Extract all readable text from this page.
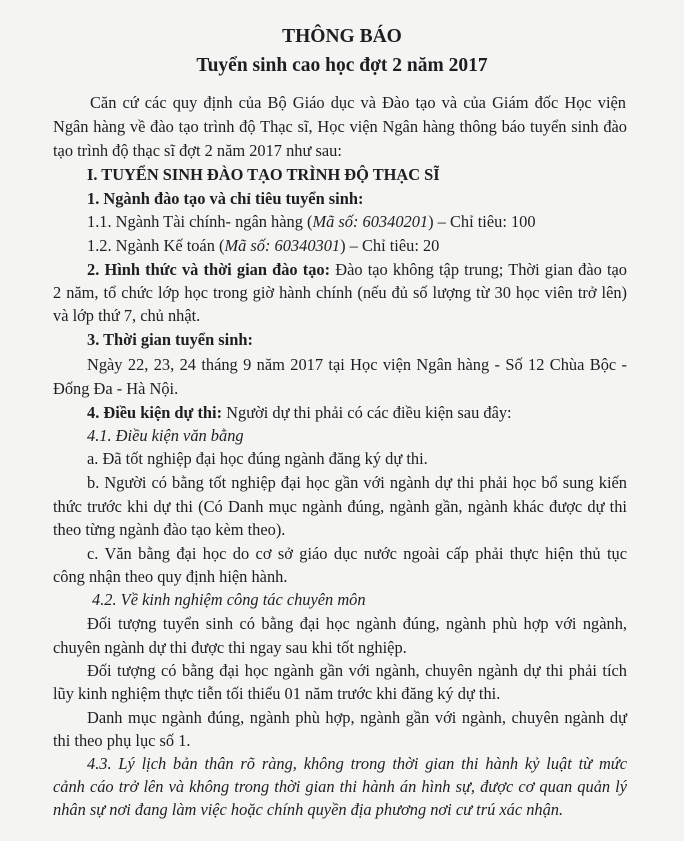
THÔNG BÁO
Tuyển sinh cao học đợt 2 năm 2017
Căn cứ các quy định của Bộ Giáo dục và Đào tạo và của Giám đốc Học viện
Ngân hàng về đào tạo trình độ Thạc sĩ, Học viện Ngân hàng thông báo tuyển sinh đào
tạo trình độ thạc sĩ đợt 2 năm 2017 như sau:
I. TUYỂN SINH ĐÀO TẠO TRÌNH ĐỘ THẠC SĨ
1. Ngành đào tạo và chỉ tiêu tuyển sinh:
1.1. Ngành Tài chính- ngân hàng (Mã số: 60340201) – Chỉ tiêu: 100
1.2. Ngành Kế toán (Mã số: 60340301) – Chỉ tiêu: 20
2. Hình thức và thời gian đào tạo: Đào tạo không tập trung; Thời gian đào tạo
2 năm, tổ chức lớp học trong giờ hành chính (nếu đủ số lượng từ 30 học viên trở lên)
và lớp thứ 7, chủ nhật.
3. Thời gian tuyển sinh:
Ngày 22, 23, 24 tháng 9 năm 2017 tại Học viện Ngân hàng - Số 12 Chùa Bộc -
Đống Đa - Hà Nội.
4. Điều kiện dự thi: Người dự thi phải có các điều kiện sau đây:
4.1. Điều kiện văn bằng
a. Đã tốt nghiệp đại học đúng ngành đăng ký dự thi.
b. Người có bằng tốt nghiệp đại học gần với ngành dự thi phải học bổ sung kiến
thức trước khi dự thi (Có Danh mục ngành đúng, ngành gần, ngành khác được dự thi
theo từng ngành đào tạo kèm theo).
c. Văn bằng đại học do cơ sở giáo dục nước ngoài cấp phải thực hiện thủ tục
công nhận theo quy định hiện hành.
4.2. Về kinh nghiệm công tác chuyên môn
Đối tượng tuyển sinh có bằng đại học ngành đúng, ngành phù hợp với ngành,
chuyên ngành dự thi được thi ngay sau khi tốt nghiệp.
Đối tượng có bằng đại học ngành gần với ngành, chuyên ngành dự thi phải tích
lũy kinh nghiệm thực tiễn tối thiểu 01 năm trước khi đăng ký dự thi.
Danh mục ngành đúng, ngành phù hợp, ngành gần với ngành, chuyên ngành dự
thi theo phụ lục số 1.
4.3. Lý lịch bản thân rõ ràng, không trong thời gian thi hành kỷ luật từ mức
cảnh cáo trở lên và không trong thời gian thi hành án hình sự, được cơ quan quản lý
nhân sự nơi đang làm việc hoặc chính quyền địa phương nơi cư trú xác nhận.
